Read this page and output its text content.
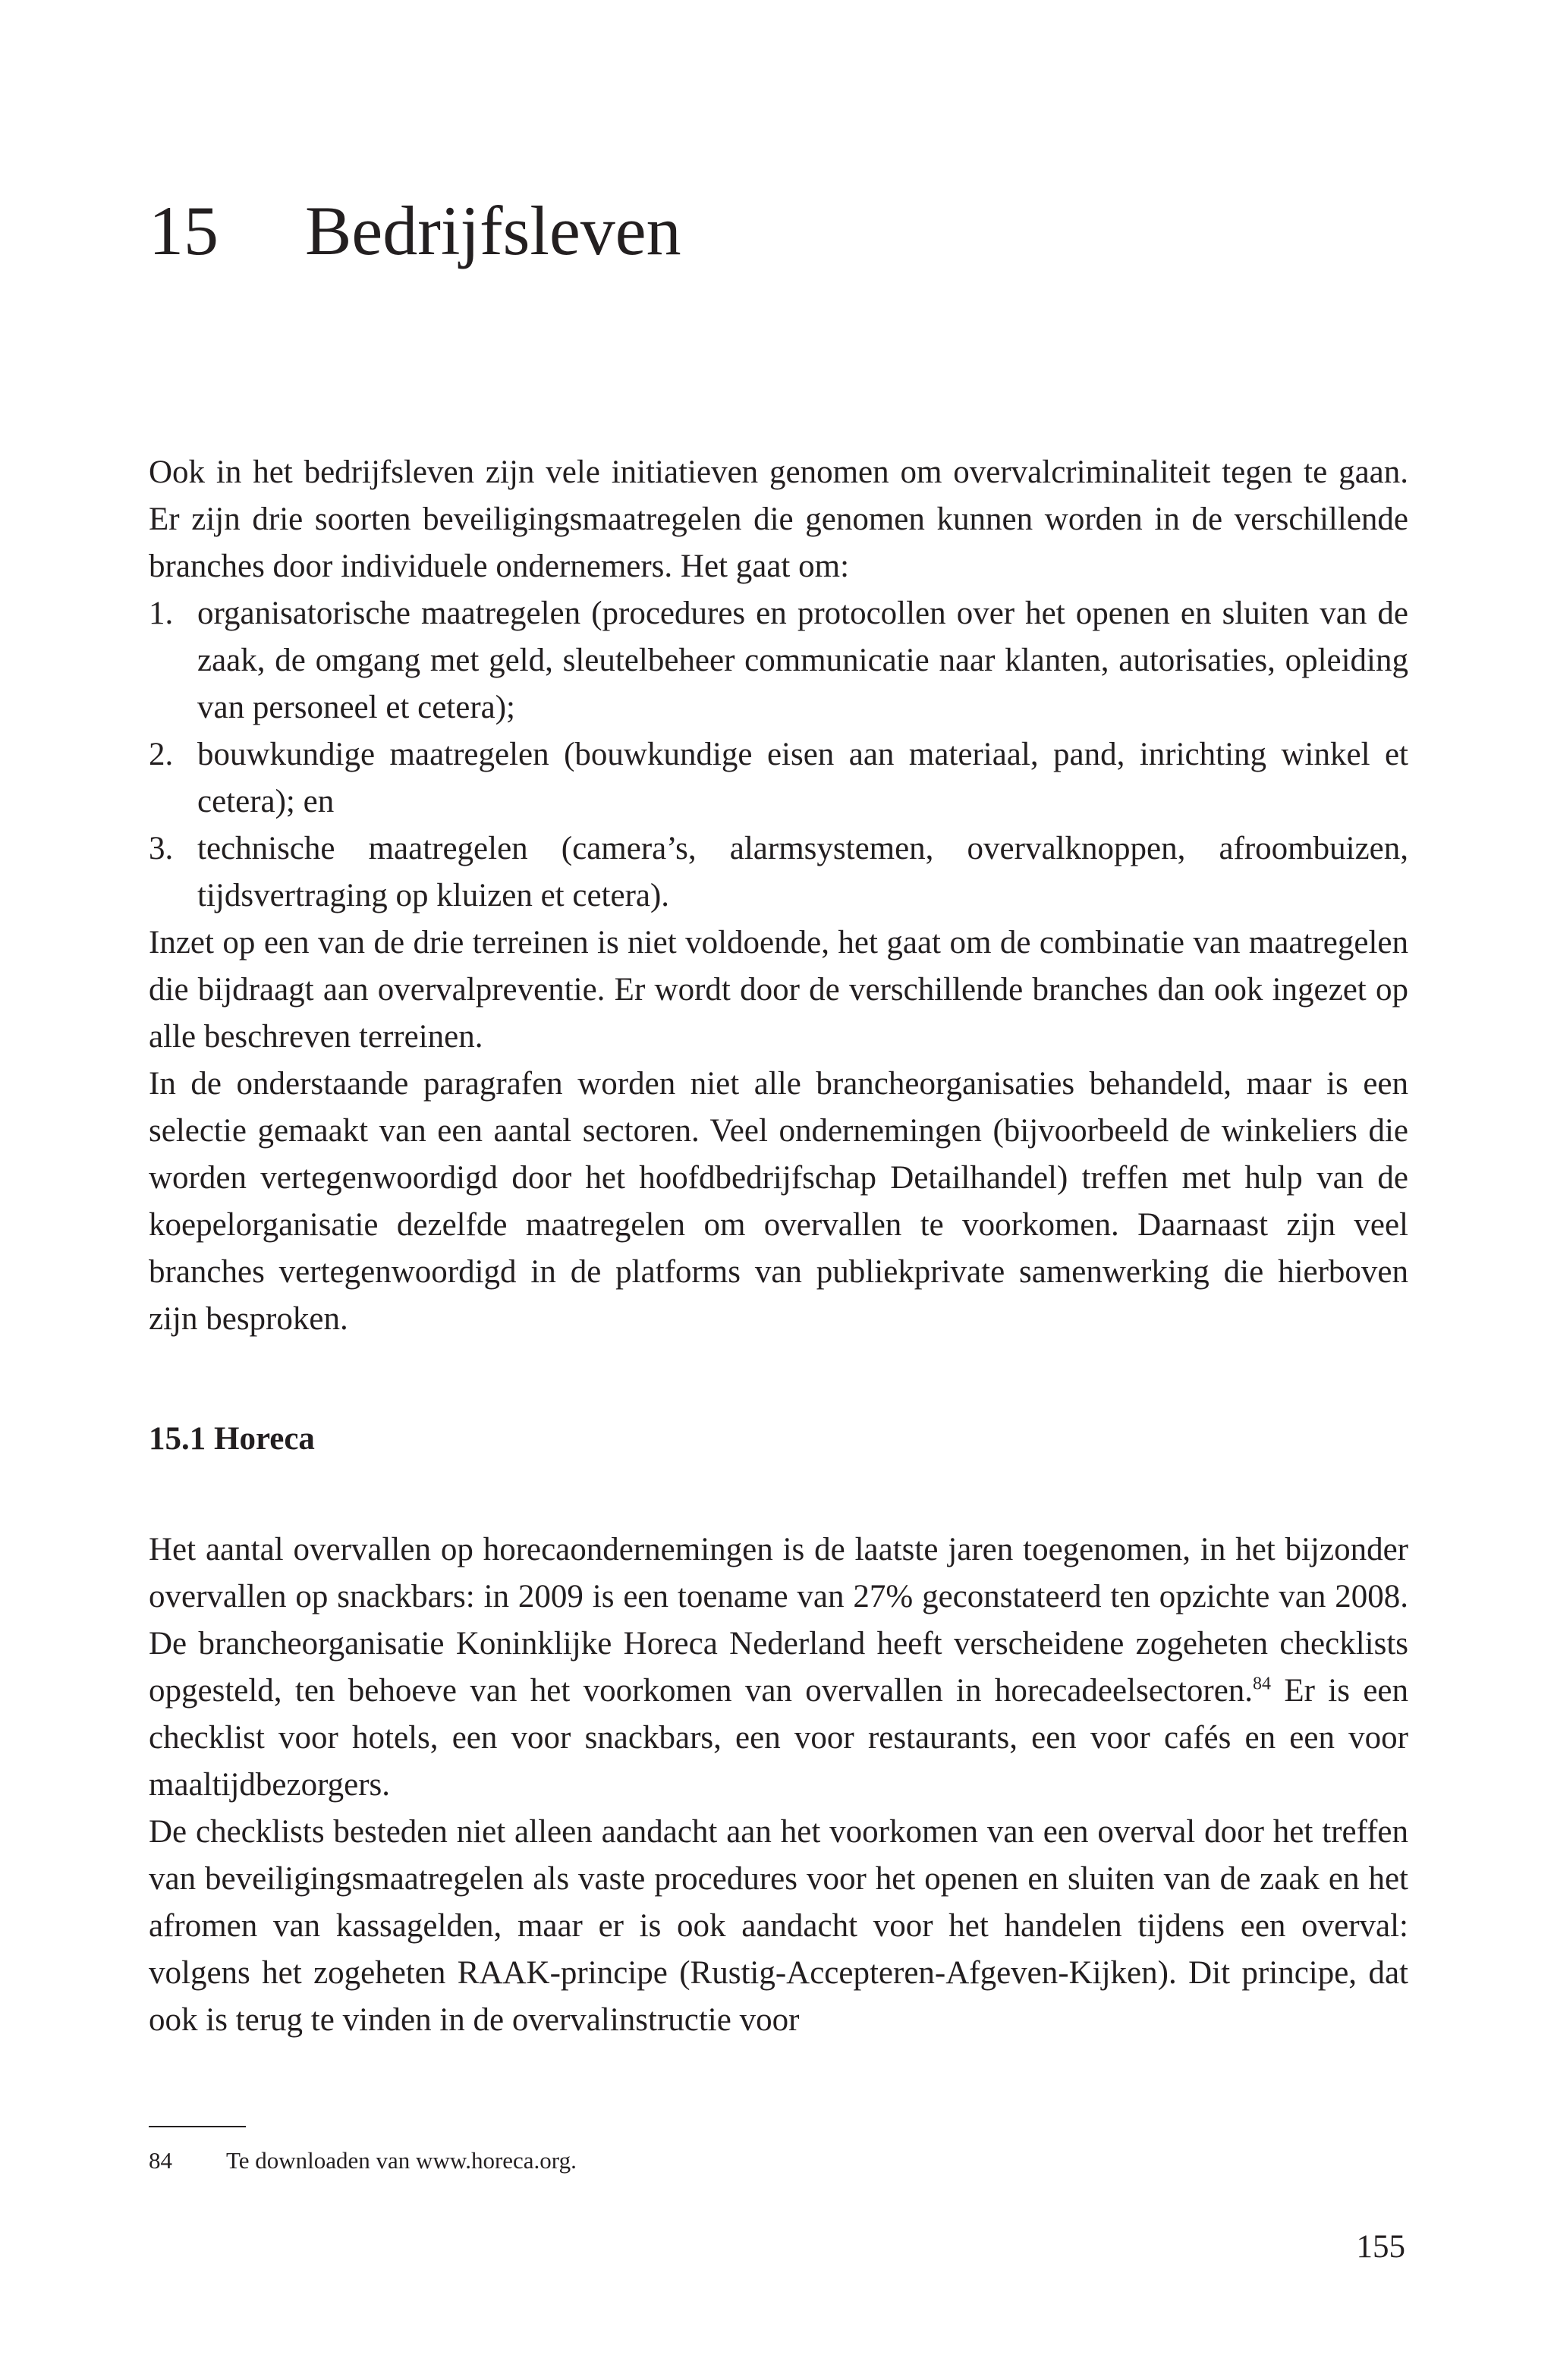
15 Bedrijfsleven

Ook in het bedrijfsleven zijn vele initiatieven genomen om overvalcriminaliteit tegen te gaan. Er zijn drie soorten beveiligingsmaatregelen die genomen kunnen worden in de verschillende branches door individuele ondernemers. Het gaat om:

1. organisatorische maatregelen (procedures en protocollen over het openen en sluiten van de zaak, de omgang met geld, sleutelbeheer communicatie naar klanten, autorisaties, opleiding van personeel et cetera);
2. bouwkundige maatregelen (bouwkundige eisen aan materiaal, pand, inrichting winkel et cetera); en
3. technische maatregelen (camera’s, alarmsystemen, overvalknoppen, afroombuizen, tijdsvertraging op kluizen et cetera).

Inzet op een van de drie terreinen is niet voldoende, het gaat om de combinatie van maatregelen die bijdraagt aan overvalpreventie. Er wordt door de verschillende branches dan ook ingezet op alle beschreven terreinen.

In de onderstaande paragrafen worden niet alle brancheorganisaties behandeld, maar is een selectie gemaakt van een aantal sectoren. Veel ondernemingen (bijvoorbeeld de winkeliers die worden vertegenwoordigd door het hoofdbedrijfschap Detailhandel) treffen met hulp van de koepelorganisatie dezelfde maatregelen om overvallen te voorkomen. Daarnaast zijn veel branches vertegenwoordigd in de platforms van publiekprivate samenwerking die hierboven zijn besproken.

15.1 Horeca

Het aantal overvallen op horecaondernemingen is de laatste jaren toegenomen, in het bijzonder overvallen op snackbars: in 2009 is een toename van 27% geconstateerd ten opzichte van 2008. De brancheorganisatie Koninklijke Horeca Nederland heeft verscheidene zogeheten checklists opgesteld, ten behoeve van het voorkomen van overvallen in horecadeelsectoren.$^{84}$ Er is een checklist voor hotels, een voor snackbars, een voor restaurants, een voor cafés en een voor maaltijdbezorgers.

De checklists besteden niet alleen aandacht aan het voorkomen van een overval door het treffen van beveiligingsmaatregelen als vaste procedures voor het openen en sluiten van de zaak en het afromen van kassagelden, maar er is ook aandacht voor het handelen tijdens een overval: volgens het zogeheten RAAK-principe (Rustig-Accepteren-Afgeven-Kijken). Dit principe, dat ook is terug te vinden in de overvalinstructie voor

84 Te downloaden van www.horeca.org.
155
